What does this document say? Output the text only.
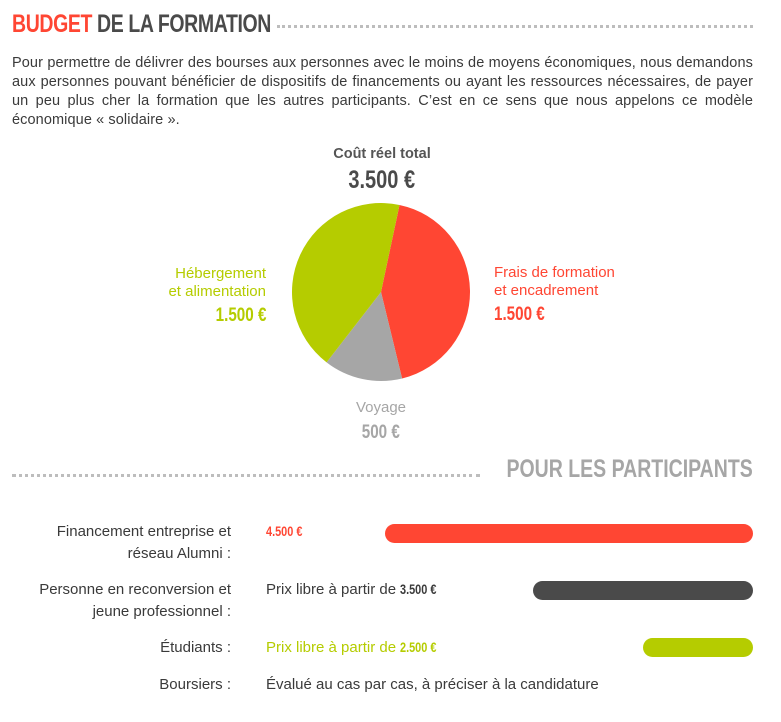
BUDGET DE LA FORMATION

Pour permettre de délivrer des bourses aux personnes avec le moins de moyens économiques, nous demandons aux personnes pouvant bénéficier de dispositifs de financements ou ayant les ressources nécessaires, de payer un peu plus cher la formation que les autres participants. C’est en ce sens que nous appelons ce modèle économique « solidaire ».

Coût réel total
3.500 €
Hébergement
et alimentation
1.500 €
Frais de formation
et encadrement
1.500 €
Voyage
500 €
POUR LES PARTICIPANTS
Financement entreprise et
réseau Alumni :
4.500 €
Personne en reconversion et
jeune professionnel :
Prix libre à partir de 3.500 €
Étudiants : Prix libre à partir de 2.500 €
Boursiers : Évalué au cas par cas, à préciser à la candidature
